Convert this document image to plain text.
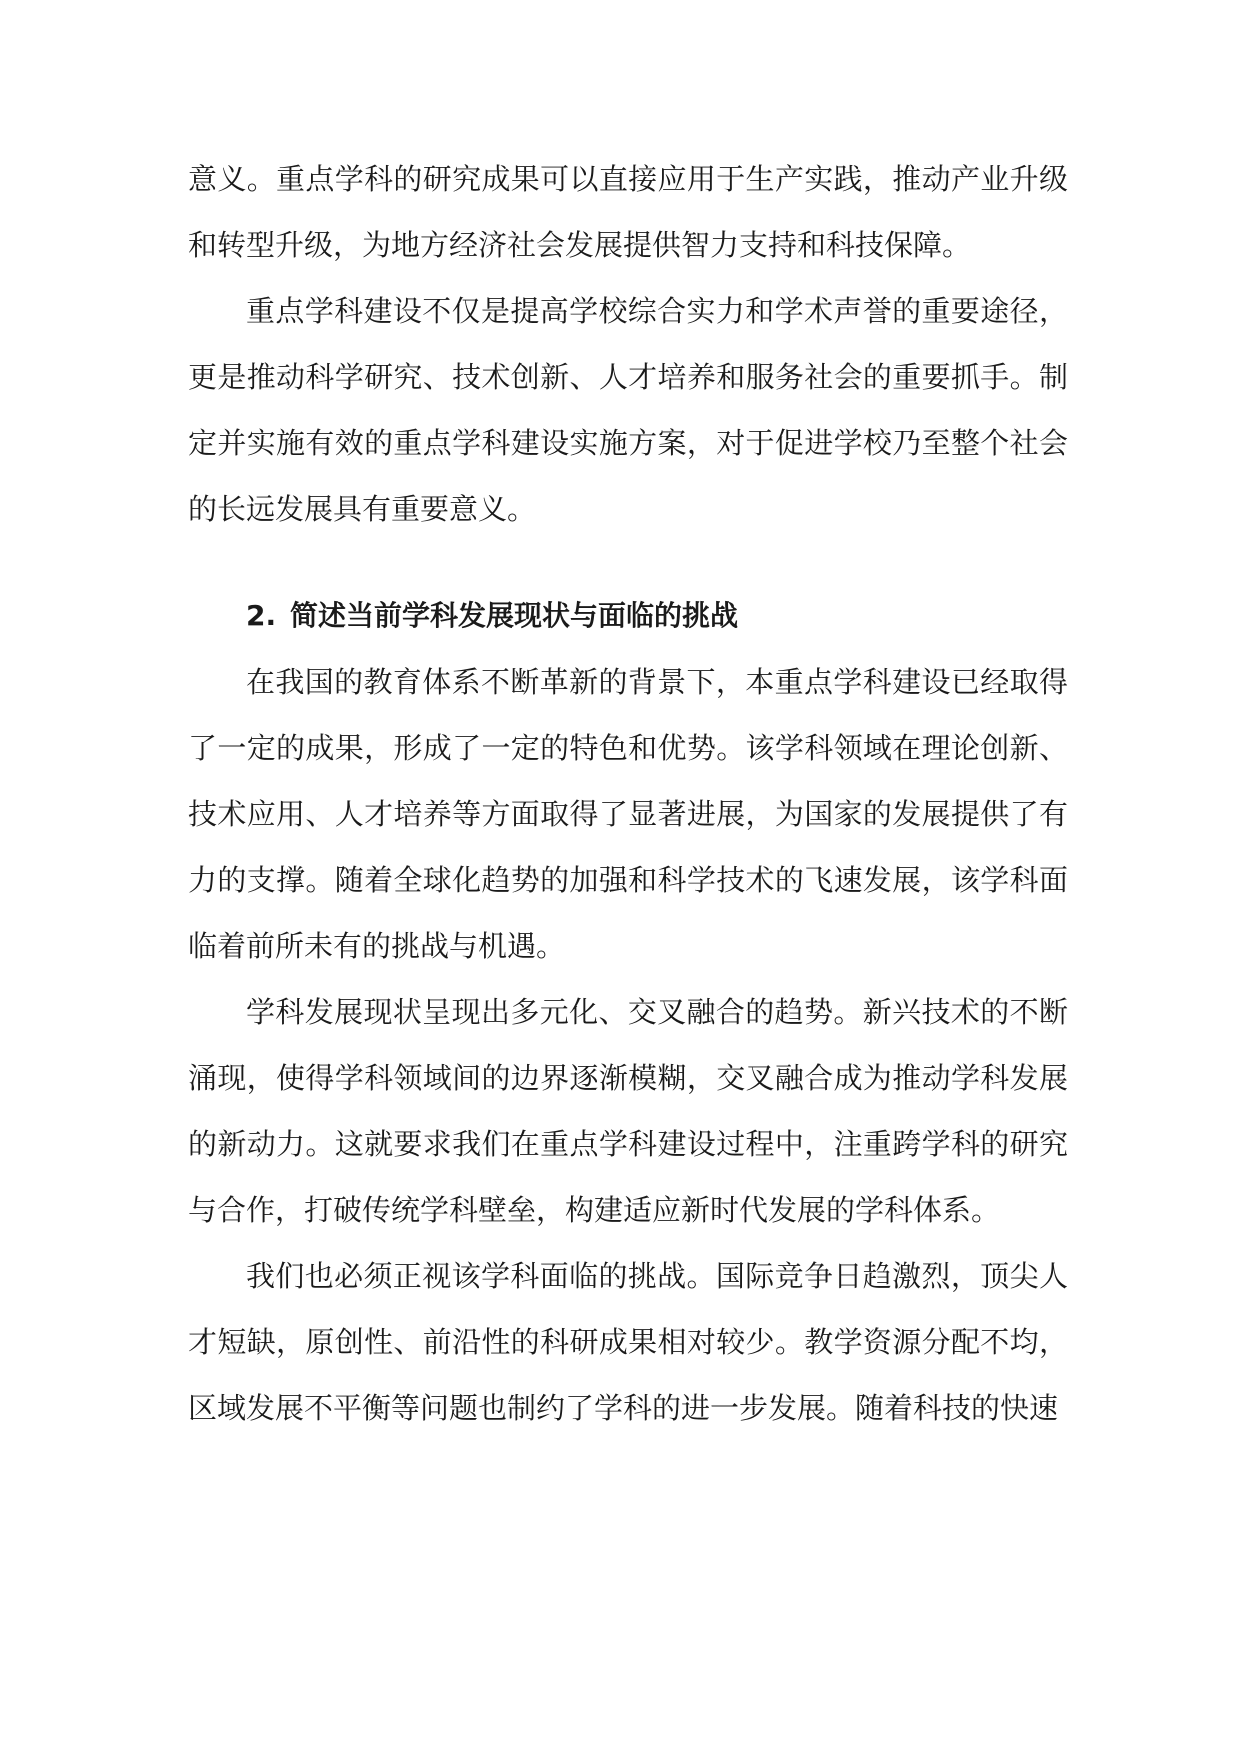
意义。重点学科的研究成果可以直接应用于生产实践，推动产业升级和转型升级，为地方经济社会发展提供智力支持和科技保障。

重点学科建设不仅是提高学校综合实力和学术声誉的重要途径，更是推动科学研究、技术创新、人才培养和服务社会的重要抓手。制定并实施有效的重点学科建设实施方案，对于促进学校乃至整个社会的长远发展具有重要意义。

2. 简述当前学科发展现状与面临的挑战

在我国的教育体系不断革新的背景下，本重点学科建设已经取得了一定的成果，形成了一定的特色和优势。该学科领域在理论创新、技术应用、人才培养等方面取得了显著进展，为国家的发展提供了有力的支撑。随着全球化趋势的加强和科学技术的飞速发展，该学科面临着前所未有的挑战与机遇。

学科发展现状呈现出多元化、交叉融合的趋势。新兴技术的不断涌现，使得学科领域间的边界逐渐模糊，交叉融合成为推动学科发展的新动力。这就要求我们在重点学科建设过程中，注重跨学科的研究与合作，打破传统学科壁垒，构建适应新时代发展的学科体系。

我们也必须正视该学科面临的挑战。国际竞争日趋激烈，顶尖人才短缺，原创性、前沿性的科研成果相对较少。教学资源分配不均，区域发展不平衡等问题也制约了学科的进一步发展。随着科技的快速
